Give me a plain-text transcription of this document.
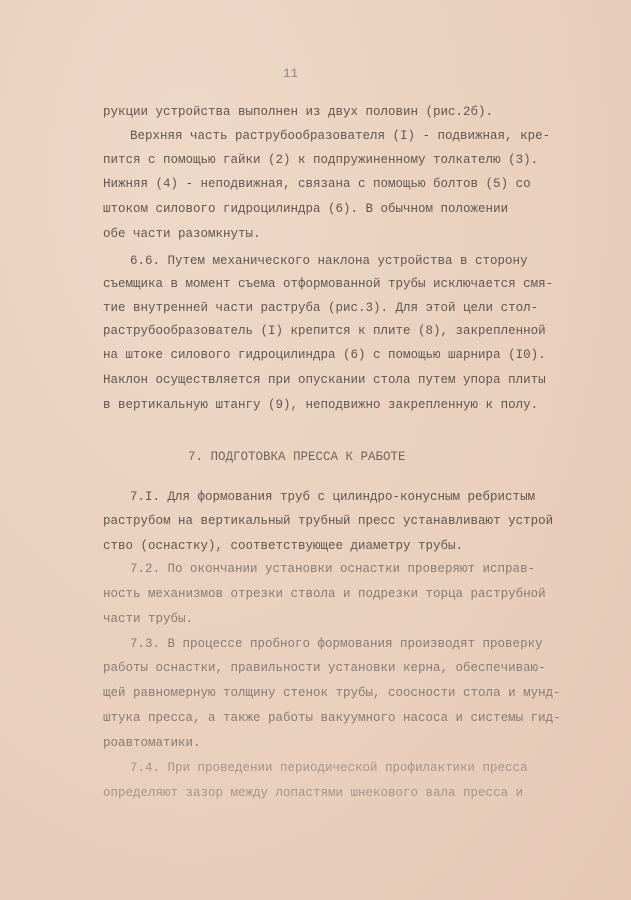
11
рукции устройства выполнен из двух половин (рис.2б).
Верхняя часть раструбообразователя (I) - подвижная, кре-
пится с помощью гайки (2) к подпружиненному толкателю (3).
Нижняя (4) - неподвижная, связана с помощью болтов (5) со
штоком силового гидроцилиндра (6). В обычном положении
обе части разомкнуты.
6.6. Путем механического наклона устройства в сторону
съемщика в момент съема отформованной трубы исключается смя-
тие внутренней части раструба (рис.3). Для этой цели стол-
раструбообразователь (I) крепится к плите (8), закрепленной
на штоке силового гидроцилиндра (6) с помощью шарнира (I0).
Наклон осуществляется при опускании стола путем упора плиты
в вертикальную штангу (9), неподвижно закрепленную к полу.
7. ПОДГОТОВКА ПРЕССА К РАБОТЕ
7.I. Для формования труб с цилиндро-конусным ребристым
раструбом на вертикальный трубный пресс устанавливают устрой
ство (оснастку), соответствующее диаметру трубы.
7.2. По окончании установки оснастки проверяют исправ-
ность механизмов отрезки ствола и подрезки торца раструбной
части трубы.
7.3. В процессе пробного формования производят проверку
работы оснастки, правильности установки керна, обеспечиваю-
щей равномерную толщину стенок трубы, соосности стола и мунд-
штука пресса, а также работы вакуумного насоса и системы гид-
роавтоматики.
7.4. При проведении периодической профилактики пресса
определяют зазор между лопастями шнекового вала пресса и
